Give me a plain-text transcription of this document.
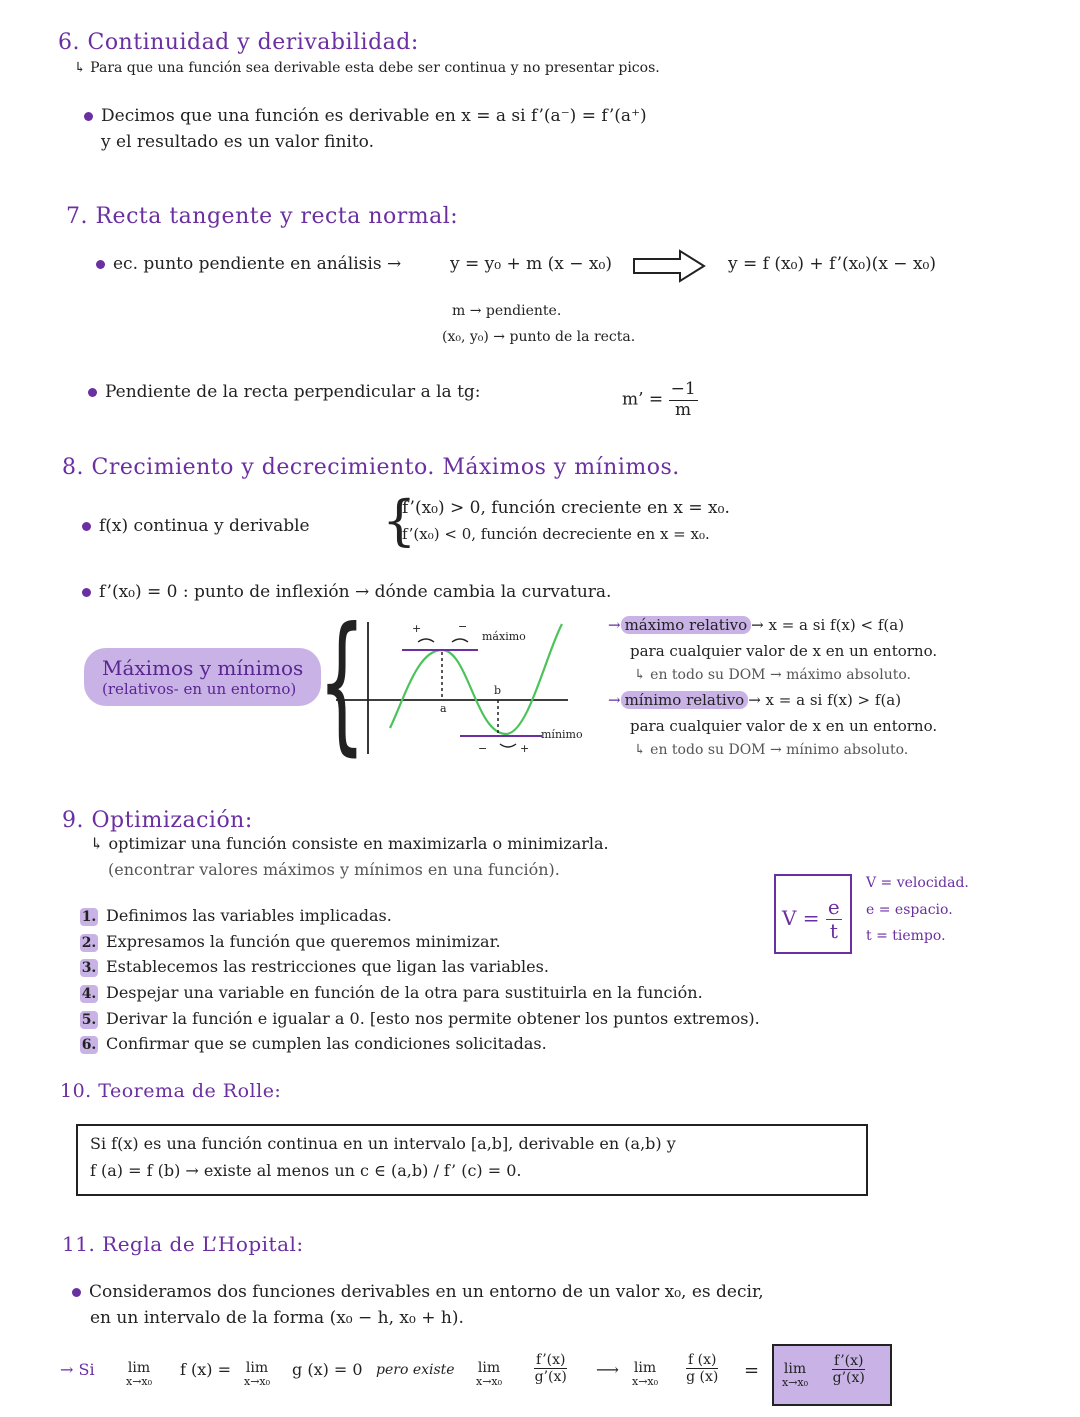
6. Continuidad y derivabilidad:
↳ Para que una función sea derivable esta debe ser continua y no presentar picos.
Decimos que una función es derivable en x = a si f’(a⁻) = f’(a⁺)
y el resultado es un valor finito.
7. Recta tangente y recta normal:
ec. punto pendiente en análisis →	y = y₀ + m (x − x₀)	y = f (x₀) + f’(x₀)(x − x₀)
m → pendiente.
(x₀, y₀) → punto de la recta.
Pendiente de la recta perpendicular a la tg:	m’ = $\frac{-1}{m}$
8. Crecimiento y decrecimiento. Máximos y mínimos.
f(x) continua y derivable {
f’(x₀) > 0, función creciente en x = x₀.
f’(x₀) < 0, función decreciente en x = x₀.
f’(x₀) = 0 : punto de inflexión → dónde cambia la curvatura.
Máximos y mínimos
(relativos- en un entorno) {	a
b
máximo
+	−
−	+
mínimo
→ máximo relativo → x = a si f(x) < f(a)
para cualquier valor de x en un entorno.
↳ en todo su DOM → máximo absoluto.
→ mínimo relativo → x = a si f(x) > f(a)
para cualquier valor de x en un entorno.
↳ en todo su DOM → mínimo absoluto.
9. Optimización:
↳ optimizar una función consiste en maximizarla o minimizarla.
(encontrar valores máximos y mínimos en una función).
$V = \frac{e}{t}$
V = velocidad.
e = espacio.
t = tiempo.
1. Definimos las variables implicadas.
2. Expresamos la función que queremos minimizar.
3. Establecemos las restricciones que ligan las variables.
4. Despejar una variable en función de la otra para sustituirla en la función.
5. Derivar la función e igualar a 0. [esto nos permite obtener los puntos extremos).
6. Confirmar que se cumplen las condiciones solicitadas.
10. Teorema de Rolle:
Si f(x) es una función continua en un intervalo [a,b], derivable en (a,b) y
f (a) = f (b) → existe al menos un c ∈ (a,b) / f’ (c) = 0.
11. Regla de L’Hopital:
Consideramos dos funciones derivables en un entorno de un valor x₀, es decir,
en un intervalo de la forma (x₀ − h, x₀ + h).
→ Si lim
x→x₀
f (x) = lim
x→x₀
g (x) = 0 pero existe lim
$x\to x_0 \frac{f’(x)}{g’(x)}$ ⟶ lim
$x\to x_0 \frac{f (x)}{g (x)} = \lim$
$x\to x_0 \frac{f’(x)}{g’(x)}$
